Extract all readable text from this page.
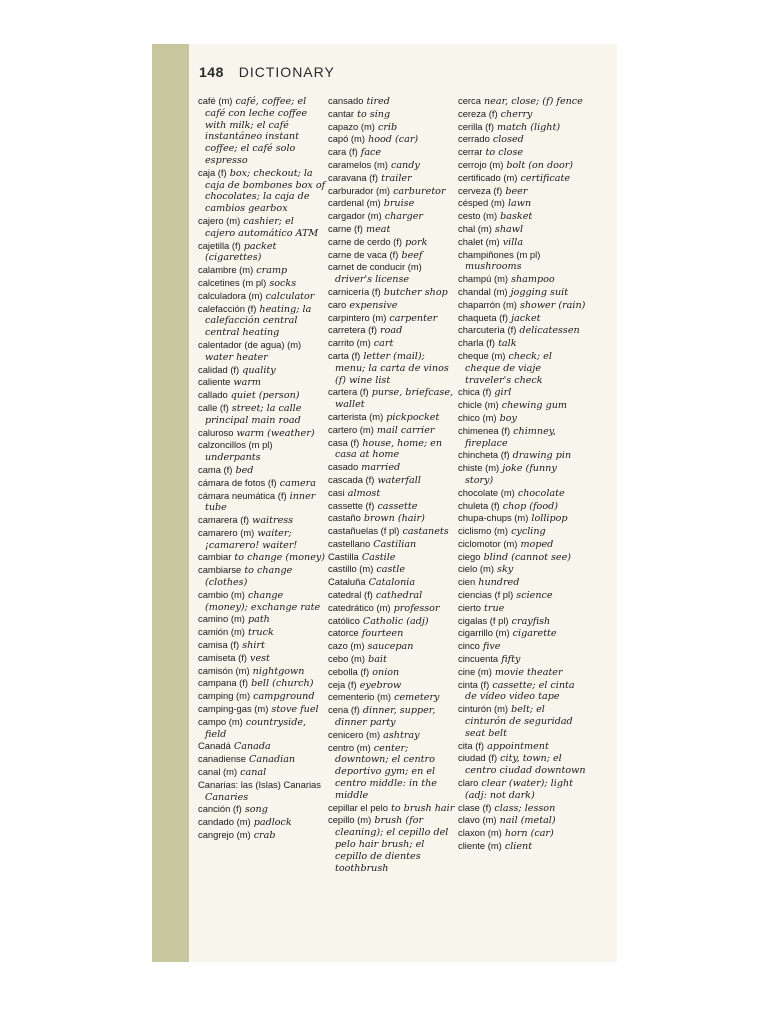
148 DICTIONARY

café (m) café, coffee; el café con leche coffee with milk; el café instantáneo instant coffee; el café solo espresso

caja (f) box; checkout; la caja de bombones box of chocolates; la caja de cambios gearbox

cajero (m) cashier; el cajero automático ATM

cajetilla (f) packet (cigarettes)

calambre (m) cramp

calcetines (m pl) socks

calculadora (m) calculator

calefacción (f) heating; la calefacción central central heating

calentador (de agua) (m) water heater

calidad (f) quality

caliente warm

callado quiet (person)

calle (f) street; la calle principal main road

caluroso warm (weather)

calzoncillos (m pl) underpants

cama (f) bed

cámara de fotos (f) camera

cámara neumática (f) inner tube

camarera (f) waitress

camarero (m) waiter; ¡camarero! waiter!

cambiar to change (money)

cambiarse to change (clothes)

cambio (m) change (money); exchange rate

camino (m) path

camión (m) truck

camisa (f) shirt

camiseta (f) vest

camisón (m) nightgown

campana (f) bell (church)

camping (m) campground

camping-gas (m) stove fuel

campo (m) countryside, field

Canadá Canada

canadiense Canadian

canal (m) canal

Canarias: las (Islas) Canarias Canaries

canción (f) song

candado (m) padlock

cangrejo (m) crab

cansado tired

cantar to sing

capazo (m) crib

capó (m) hood (car)

cara (f) face

caramelos (m) candy

caravana (f) trailer

carburador (m) carburetor

cardenal (m) bruise

cargador (m) charger

carne (f) meat

carne de cerdo (f) pork

carne de vaca (f) beef

carnet de conducir (m) driver's license

carnicería (f) butcher shop

caro expensive

carpintero (m) carpenter

carretera (f) road

carrito (m) cart

carta (f) letter (mail); menu; la carta de vinos (f) wine list

cartera (f) purse, briefcase, wallet

carterista (m) pickpocket

cartero (m) mail carrier

casa (f) house, home; en casa at home

casado married

cascada (f) waterfall

casi almost

cassette (f) cassette

castaño brown (hair)

castañuelas (f pl) castanets

castellano Castilian

Castilla Castile

castillo (m) castle

Cataluña Catalonia

catedral (f) cathedral

catedrático (m) professor

católico Catholic (adj)

catorce fourteen

cazo (m) saucepan

cebo (m) bait

cebolla (f) onion

ceja (f) eyebrow

cementerio (m) cemetery

cena (f) dinner, supper, dinner party

cenicero (m) ashtray

centro (m) center; downtown; el centro deportivo gym; en el centro middle: in the middle

cepillar el pelo to brush hair

cepillo (m) brush (for cleaning); el cepillo del pelo hair brush; el cepillo de dientes toothbrush

cerca near, close; (f) fence

cereza (f) cherry

cerilla (f) match (light)

cerrado closed

cerrar to close

cerrojo (m) bolt (on door)

certificado (m) certificate

cerveza (f) beer

césped (m) lawn

cesto (m) basket

chal (m) shawl

chalet (m) villa

champiñones (m pl) mushrooms

champú (m) shampoo

chandal (m) jogging suit

chaparrón (m) shower (rain)

chaqueta (f) jacket

charcutería (f) delicatessen

charla (f) talk

cheque (m) check; el cheque de viaje traveler's check

chica (f) girl

chicle (m) chewing gum

chico (m) boy

chimenea (f) chimney, fireplace

chincheta (f) drawing pin

chiste (m) joke (funny story)

chocolate (m) chocolate

chuleta (f) chop (food)

chupa-chups (m) lollipop

ciclismo (m) cycling

ciclomotor (m) moped

ciego blind (cannot see)

cielo (m) sky

cien hundred

ciencias (f pl) science

cierto true

cigalas (f pl) crayfish

cigarrillo (m) cigarette

cinco five

cincuenta fifty

cine (m) movie theater

cinta (f) cassette; el cinta de vídeo video tape

cinturón (m) belt; el cinturón de seguridad seat belt

cita (f) appointment

ciudad (f) city, town; el centro ciudad downtown

claro clear (water); light (adj: not dark)

clase (f) class; lesson

clavo (m) nail (metal)

claxon (m) horn (car)

cliente (m) client
